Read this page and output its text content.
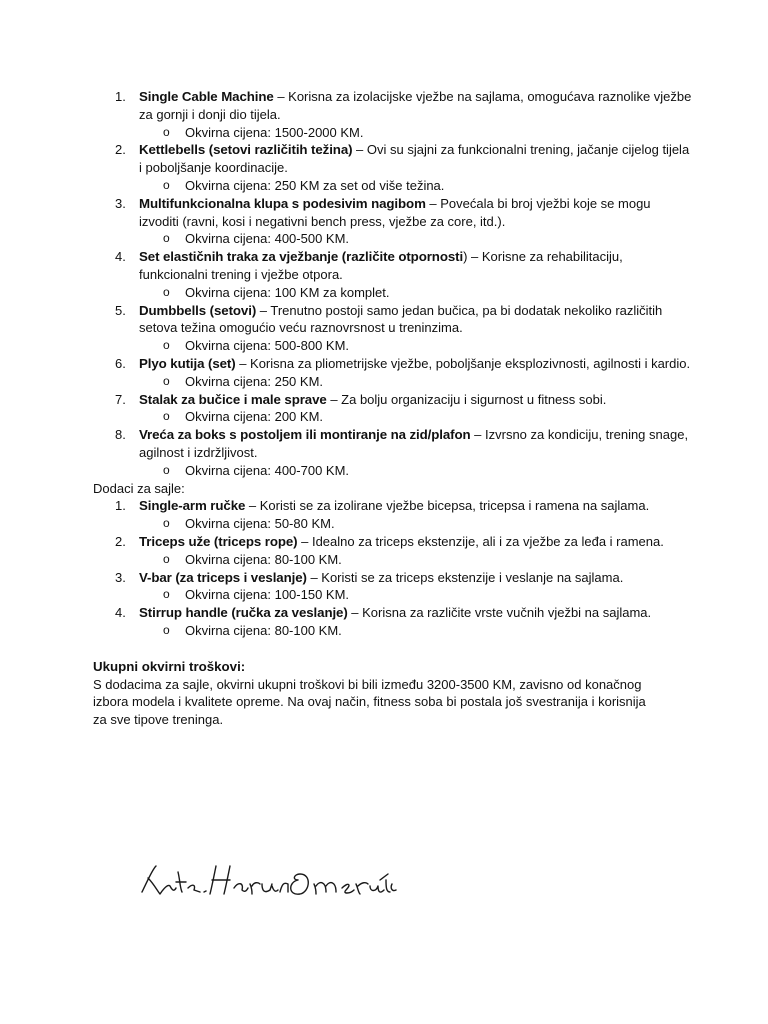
1. Single Cable Machine – Korisna za izolacijske vježbe na sajlama, omogućava raznolike vježbe za gornji i donji dio tijela.
o Okvirna cijena: 1500-2000 KM.
2. Kettlebells (setovi različitih težina) – Ovi su sjajni za funkcionalni trening, jačanje cijelog tijela i poboljšanje koordinacije.
o Okvirna cijena: 250 KM za set od više težina.
3. Multifunkcionalna klupa s podesivim nagibom – Povećala bi broj vježbi koje se mogu izvoditi (ravni, kosi i negativni bench press, vježbe za core, itd.).
o Okvirna cijena: 400-500 KM.
4. Set elastičnih traka za vježbanje (različite otpornosti) – Korisne za rehabilitaciju, funkcionalni trening i vježbe otpora.
o Okvirna cijena: 100 KM za komplet.
5. Dumbbells (setovi) – Trenutno postoji samo jedan bučica, pa bi dodatak nekoliko različitih setova težina omogućio veću raznovrsnost u treninzima.
o Okvirna cijena: 500-800 KM.
6. Plyo kutija (set) – Korisna za pliometrijske vježbe, poboljšanje eksplozivnosti, agilnosti i kardio.
o Okvirna cijena: 250 KM.
7. Stalak za bučice i male sprave – Za bolju organizaciju i sigurnost u fitness sobi.
o Okvirna cijena: 200 KM.
8. Vreća za boks s postoljem ili montiranje na zid/plafon – Izvrsno za kondiciju, trening snage, agilnost i izdržljivost.
o Okvirna cijena: 400-700 KM.

Dodaci za sajle:

1. Single-arm ručke – Koristi se za izolirane vježbe bicepsa, tricepsa i ramena na sajlama.
o Okvirna cijena: 50-80 KM.
2. Triceps uže (triceps rope) – Idealno za triceps ekstenzije, ali i za vježbe za leđa i ramena.
o Okvirna cijena: 80-100 KM.
3. V-bar (za triceps i veslanje) – Koristi se za triceps ekstenzije i veslanje na sajlama.
o Okvirna cijena: 100-150 KM.
4. Stirrup handle (ručka za veslanje) – Korisna za različite vrste vučnih vježbi na sajlama.
o Okvirna cijena: 80-100 KM.
Ukupni okvirni troškovi:

S dodacima za sajle, okvirni ukupni troškovi bi bili između 3200-3500 KM, zavisno od konačnog izbora modela i kvalitete opreme. Na ovaj način, fitness soba bi postala još svestranija i korisnija za sve tipove treninga.
